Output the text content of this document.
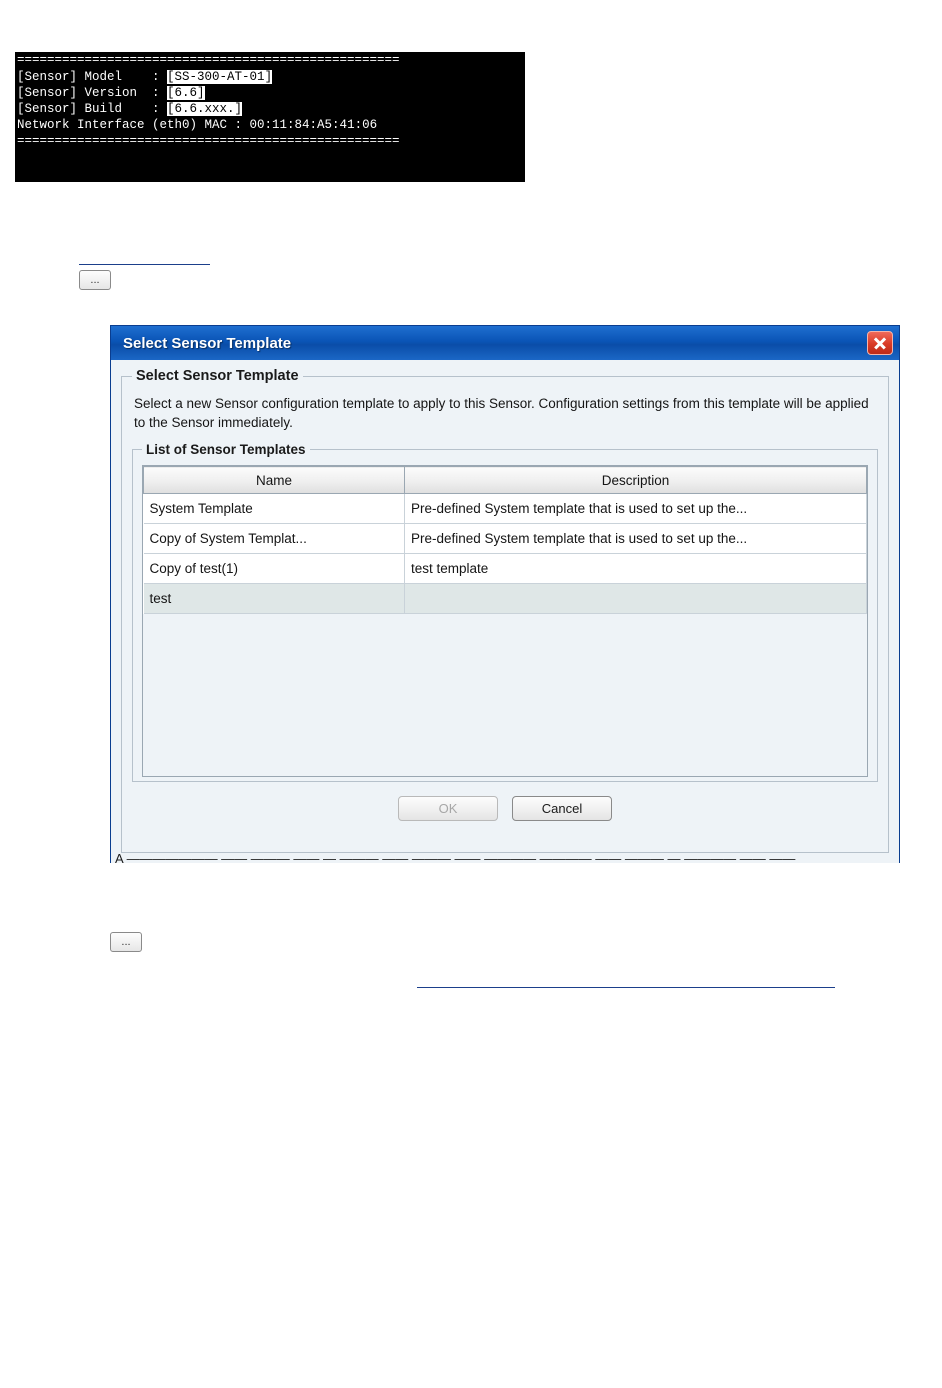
===================================================
[Sensor] Model    : [SS-300-AT-01]
[Sensor] Version  : [6.6]
[Sensor] Build    : [6.6.xxx.]
Network Interface (eth0) MAC : 00:11:84:A5:41:06
===================================================
...
Select Sensor Template
Select Sensor Template
Select a new Sensor configuration template to apply to this Sensor. Configuration settings from this template will be applied to the Sensor immediately.
List of Sensor Templates
Name	Description
System Template	Pre-defined System template that is used to set up the...
Copy of System Templat...	Pre-defined System template that is used to set up the...
Copy of test(1)	test template
test	
OK	Cancel
A ——————— —— ——— —— — ——— —— ——— —— ———— ———— —— ——— — ———— —— ——
...
